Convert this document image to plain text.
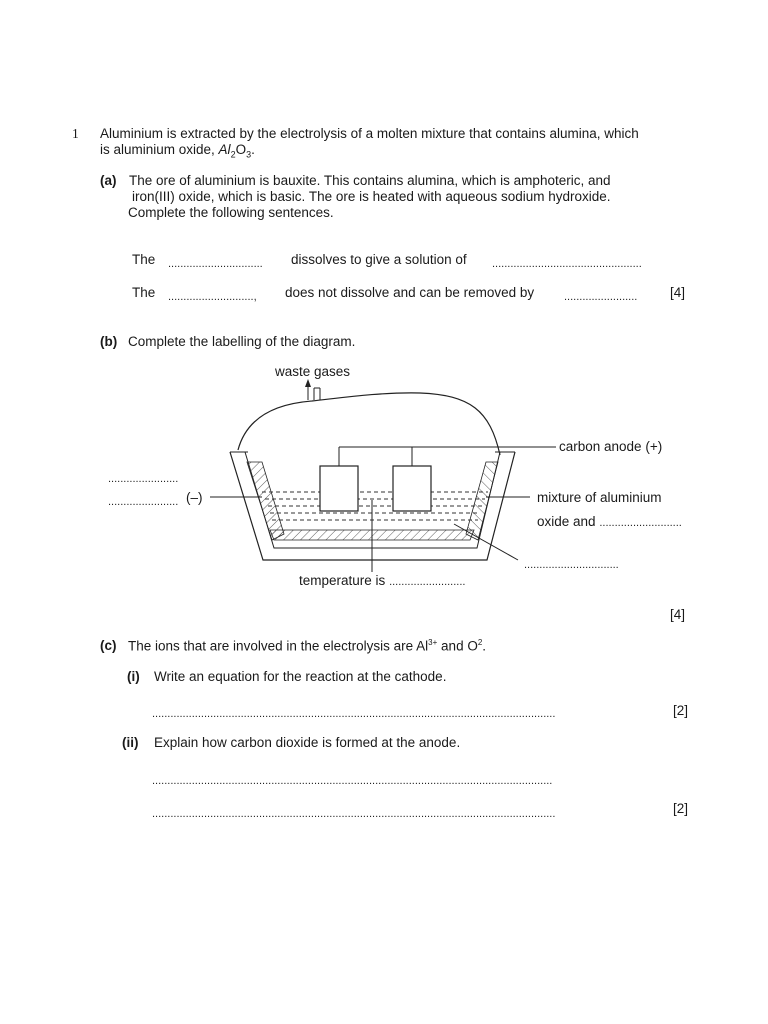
1 Aluminium is extracted by the electrolysis of a molten mixture that contains alumina, which
is aluminium oxide, $Al_2O_3$.
(a) The ore of aluminium is bauxite. This contains alumina, which is amphoteric, and
iron(III) oxide, which is basic. The ore is heated with aqueous sodium hydroxide.
Complete the following sentences.
The ............................... dissolves to give a solution of .................................................
The ............................, does not dissolve and can be removed by	........................ [4]
(b) Complete the labelling of the diagram.
waste gases
carbon anode (+)
.......................
....................... (–)	mixture of aluminium
oxide and ...........................
...............................
temperature is .........................
[4]
(c) The ions that are involved in the electrolysis are $Al^{3+}$ and $O^2$.
(i) Write an equation for the reaction at the cathode.
....................................................................................................................................	[2]
(ii) Explain how carbon dioxide is formed at the anode.
...................................................................................................................................
....................................................................................................................................	[2]
